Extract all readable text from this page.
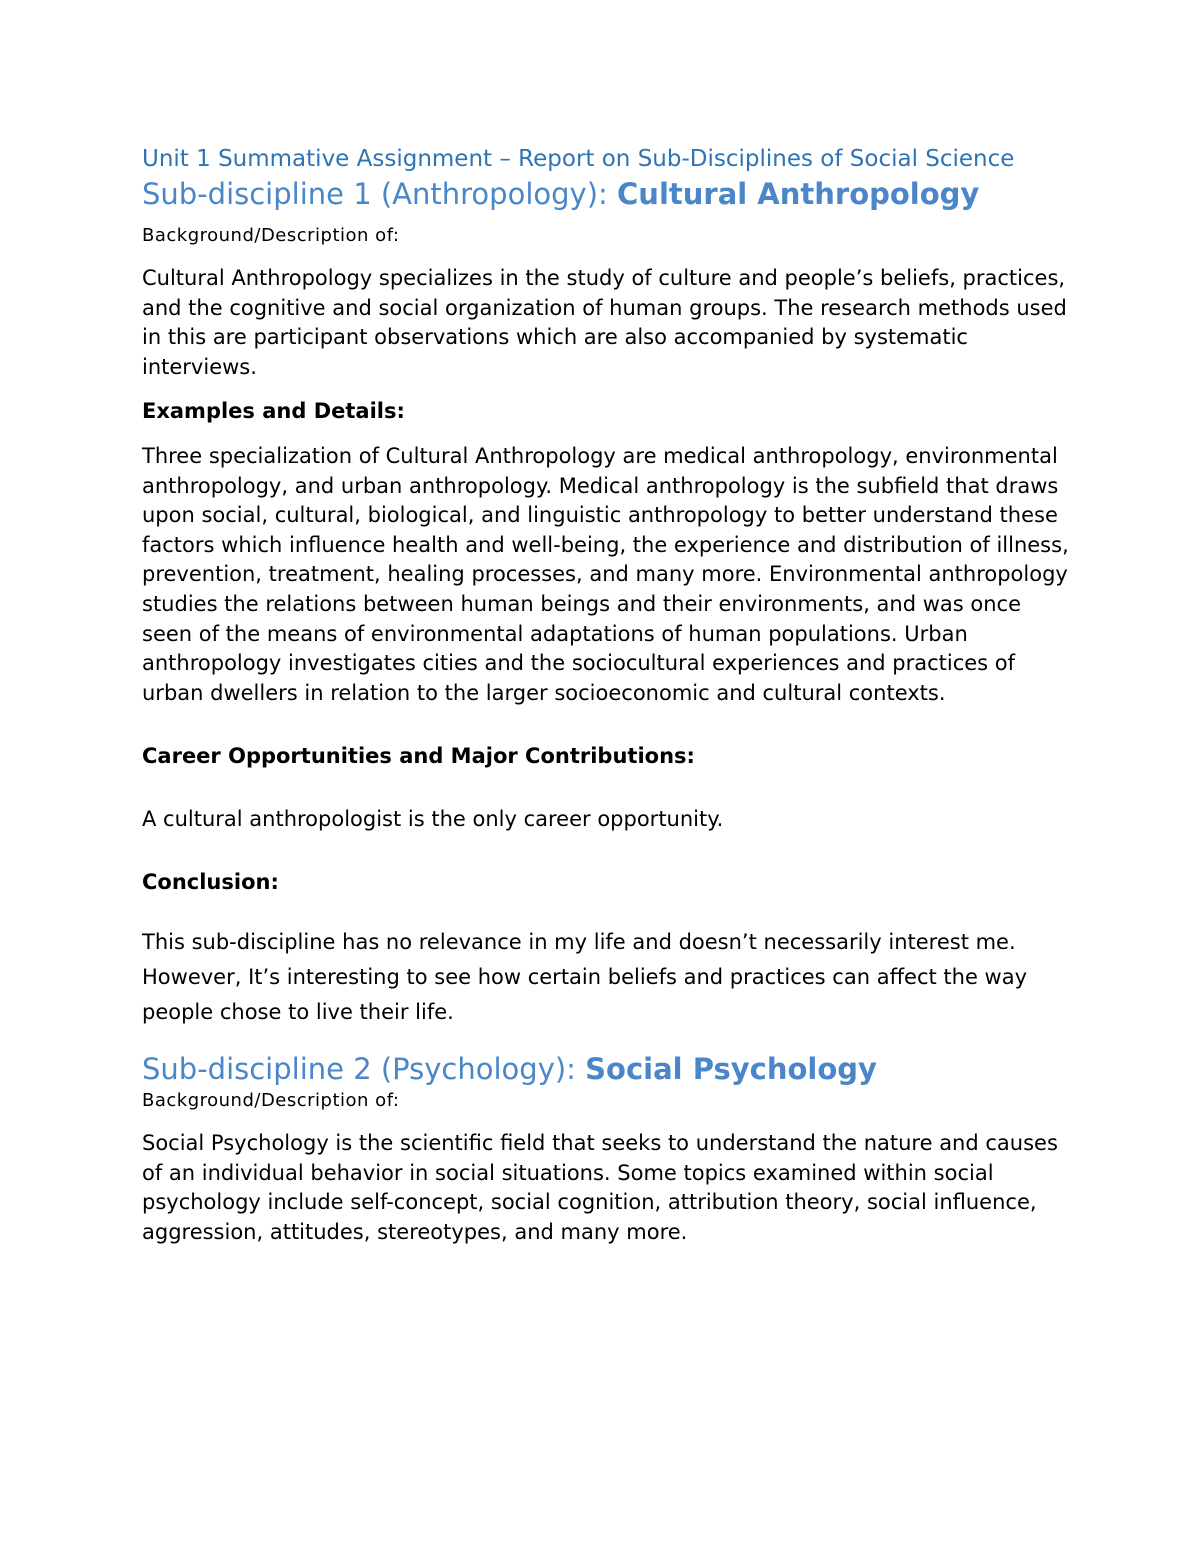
Unit 1 Summative Assignment – Report on Sub-Disciplines of Social Science
Sub-discipline 1 (Anthropology): Cultural Anthropology

Background/Description of:

Cultural Anthropology specializes in the study of culture and people’s beliefs, practices, and the cognitive and social organization of human groups. The research methods used in this are participant observations which are also accompanied by systematic interviews.

Examples and Details:

Three specialization of Cultural Anthropology are medical anthropology, environmental anthropology, and urban anthropology. Medical anthropology is the subfield that draws upon social, cultural, biological, and linguistic anthropology to better understand these factors which influence health and well-being, the experience and distribution of illness, prevention, treatment, healing processes, and many more. Environmental anthropology studies the relations between human beings and their environments, and was once seen of the means of environmental adaptations of human populations. Urban anthropology investigates cities and the sociocultural experiences and practices of urban dwellers in relation to the larger socioeconomic and cultural contexts.

Career Opportunities and Major Contributions:

A cultural anthropologist is the only career opportunity.

Conclusion:

This sub-discipline has no relevance in my life and doesn’t necessarily interest me. However, It’s interesting to see how certain beliefs and practices can affect the way people chose to live their life.

Sub-discipline 2 (Psychology): Social Psychology

Background/Description of:

Social Psychology is the scientific field that seeks to understand the nature and causes of an individual behavior in social situations. Some topics examined within social psychology include self-concept, social cognition, attribution theory, social influence, aggression, attitudes, stereotypes, and many more.
